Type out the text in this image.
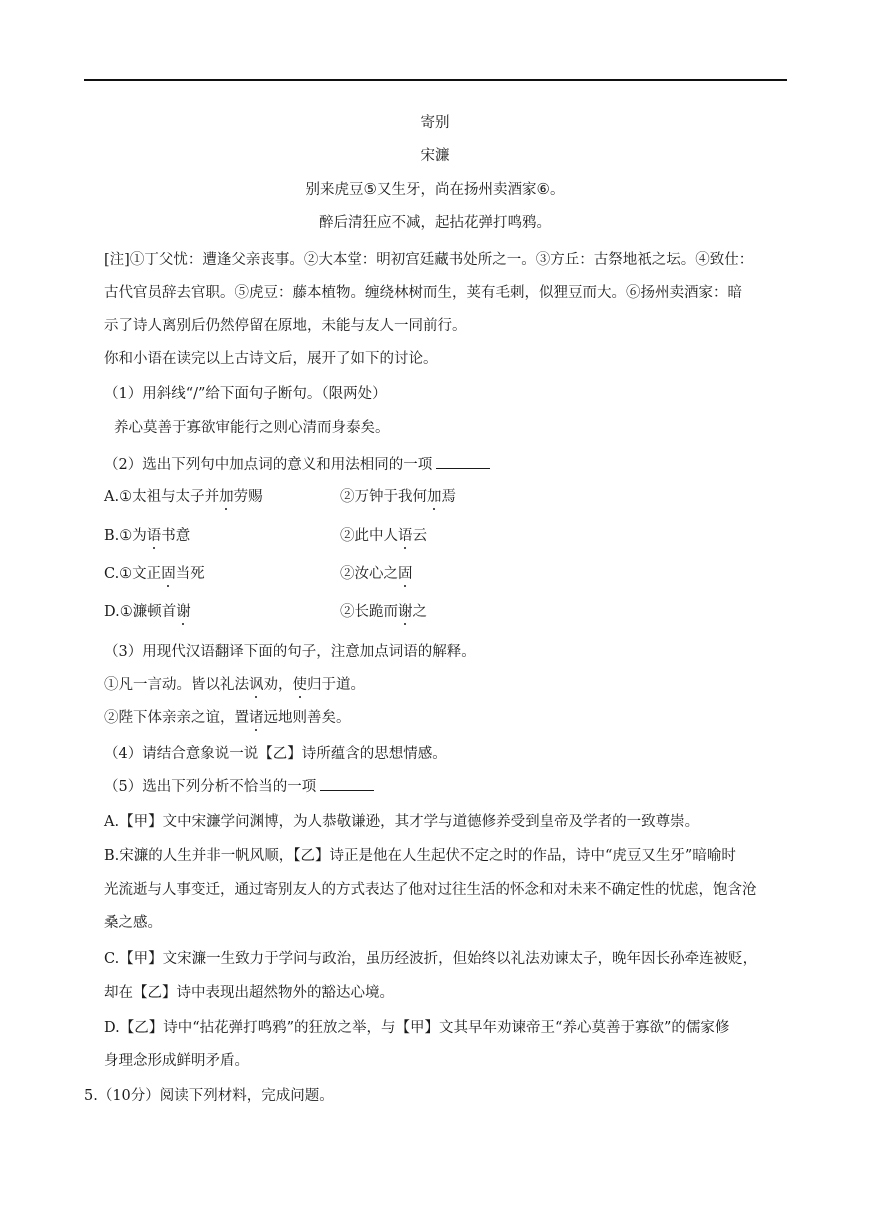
寄别
宋濂
别来虎豆⑤又生牙，尚在扬州卖酒家⑥。
醉后清狂应不减，起拈花弹打鸣鸦。
[注]①丁父忧：遭逢父亲丧事。②大本堂：明初宫廷藏书处所之一。③方丘：古祭地祇之坛。④致仕：
古代官员辞去官职。⑤虎豆：藤本植物。缠绕林树而生，荚有毛刺，似狸豆而大。⑥扬州卖酒家：暗
示了诗人离别后仍然停留在原地，未能与友人一同前行。
你和小语在读完以上古诗文后，展开了如下的讨论。
（1）用斜线“/”给下面句子断句。（限两处）
养心莫善于寡欲审能行之则心清而身泰矣。
（2）选出下列句中加点词的意义和用法相同的一项
A.①太祖与太子并加劳赐	②万钟于我何加焉
B.①为语书意	②此中人语云
C.①文正固当死	②汝心之固
D.①濂顿首谢	②长跪而谢之
（3）用现代汉语翻译下面的句子，注意加点词语的解释。
①凡一言动。皆以礼法讽劝，使归于道。
②陛下体亲亲之谊，置诸远地则善矣。
（4）请结合意象说一说【乙】诗所蕴含的思想情感。
（5）选出下列分析不恰当的一项
A.【甲】文中宋濂学问渊博，为人恭敬谦逊，其才学与道德修养受到皇帝及学者的一致尊崇。
B.宋濂的人生并非一帆风顺，【乙】诗正是他在人生起伏不定之时的作品，诗中“虎豆又生牙”暗喻时
光流逝与人事变迁，通过寄别友人的方式表达了他对过往生活的怀念和对未来不确定性的忧虑，饱含沧
桑之感。
C.【甲】文宋濂一生致力于学问与政治，虽历经波折，但始终以礼法劝谏太子，晚年因长孙牵连被贬，
却在【乙】诗中表现出超然物外的豁达心境。
D.【乙】诗中“拈花弹打鸣鸦”的狂放之举，与【甲】文其早年劝谏帝王“养心莫善于寡欲”的儒家修
身理念形成鲜明矛盾。
5.（10分）阅读下列材料，完成问题。
